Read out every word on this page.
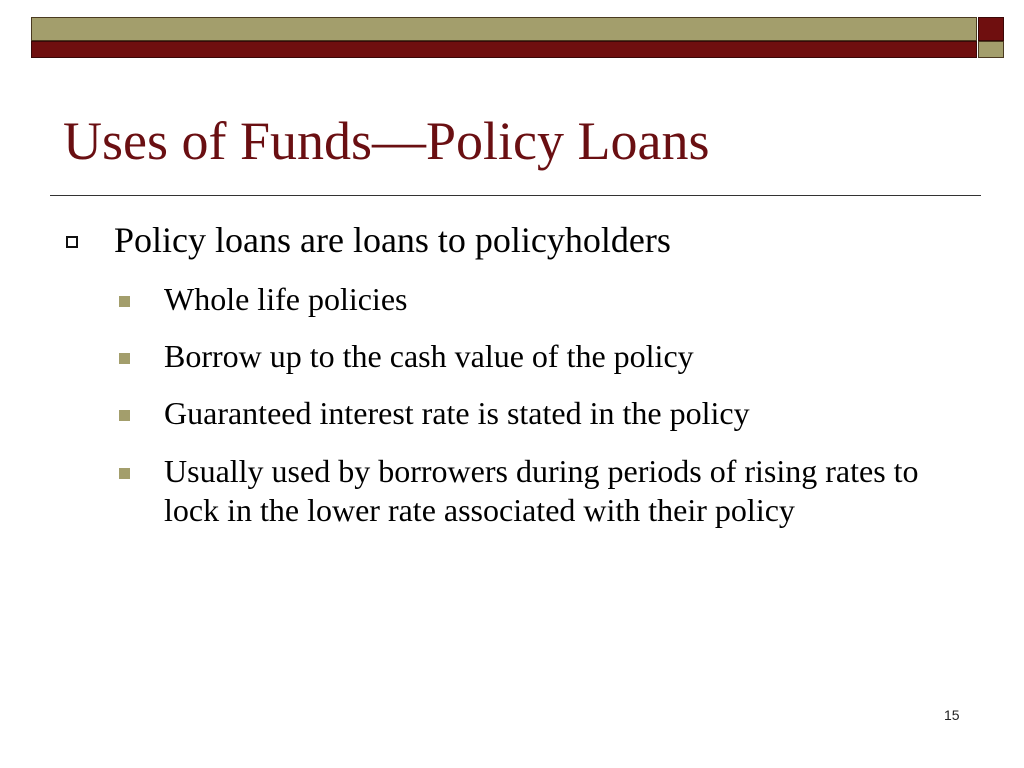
Uses of Funds—Policy Loans
Policy loans are loans to policyholders
Whole life policies
Borrow up to the cash value of the policy
Guaranteed interest rate is stated in the policy
Usually used by borrowers during periods of rising rates to lock in the lower rate associated with their policy
15
